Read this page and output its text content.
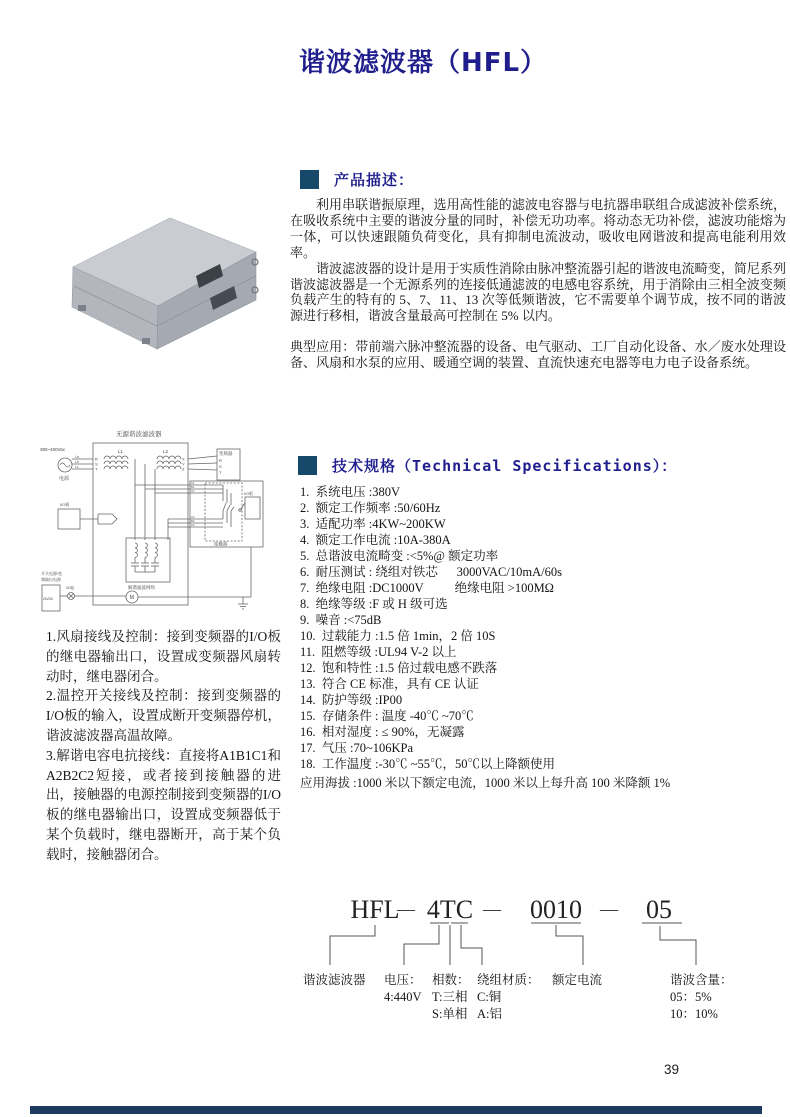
谐波滤波器（HFL）
无源谐波滤波器
380~400Vac
电源
La
Lb
Lc
R
S
T
L1	L2
X
Y
Z
变频器
R
S
T
接触器
I/O板
A1
B1
C1
A2
B2
C2
解谐滤波网络
I/O板
开关电源/变
频输出电源
24VDC
I/O板
M
产品描述：

利用串联谐振原理，选用高性能的滤波电容器与电抗器串联组合成滤波补偿系统，在吸收系统中主要的谐波分量的同时，补偿无功功率。将动态无功补偿，滤波功能熔为一体，可以快速跟随负荷变化，具有抑制电流波动，吸收电网谐波和提高电能利用效率。

谐波滤波器的设计是用于实质性消除由脉冲整流器引起的谐波电流畸变，简尼系列谐波滤波器是一个无源系列的连接低通滤波的电感电容系统，用于消除由三相全波变频负载产生的特有的 5、7、11、13 次等低频谐波，它不需要单个调节成，按不同的谐波源进行移相，谐波含量最高可控制在 5% 以内。

典型应用：带前端六脉冲整流器的设备、电气驱动、工厂自动化设备、水／废水处理设备、风扇和水泵的应用、暖通空调的装置、直流快速充电器等电力电子设备系统。
技术规格（Technical Specifications）：
1.  系统电压 :380V
2.  额定工作频率 :50/60Hz
3.  适配功率 :4KW~200KW
4.  额定工作电流 :10A-380A
5.  总谐波电流畸变 :<5%@ 额定功率
6.  耐压测试 : 绕组对铁芯      3000VAC/10mA/60s
7.  绝缘电阻 :DC1000V          绝缘电阻 >100MΩ
8.  绝缘等级 :F 或 H 级可选
9.  噪音 :<75dB
10.  过载能力 :1.5 倍 1min，2 倍 10S
11.  阻燃等级 :UL94 V-2 以上
12.  饱和特性 :1.5 倍过载电感不跌落
13.  符合 CE 标准，具有 CE 认证
14.  防护等级 :IP00
15.  存储条件 : 温度 -40℃ ~70℃
16.  相对湿度 : ≤ 90%，无凝露
17.  气压 :70~106KPa
18.  工作温度 :-30℃ ~55℃，50℃以上降额使用
应用海拔 :1000 米以下额定电流，1000 米以上每升高 100 米降额 1%

1.风扇接线及控制：接到变频器的I/O板的继电器输出口，设置成变频器风扇转动时，继电器闭合。

2.温控开关接线及控制：接到变频器的I/O板的输入，设置成断开变频器停机，谐波滤波器高温故障。

3.解谐电容电抗接线：直接将A1B1C1和A2B2C2短接，或者接到接触器的进出，接触器的电源控制接到变频器的I/O板的继电器输出口，设置成变频器低于某个负载时，继电器断开，高于某个负载时，接触器闭合。

HFL
— 4TC — 0010 — 05
谐波滤波器 电压：
4:440V
相数：
T:三相
S:单相
绕组材质：
C:铜
A:铝
额定电流	谐波含量：
05：5%
10：10%
39
